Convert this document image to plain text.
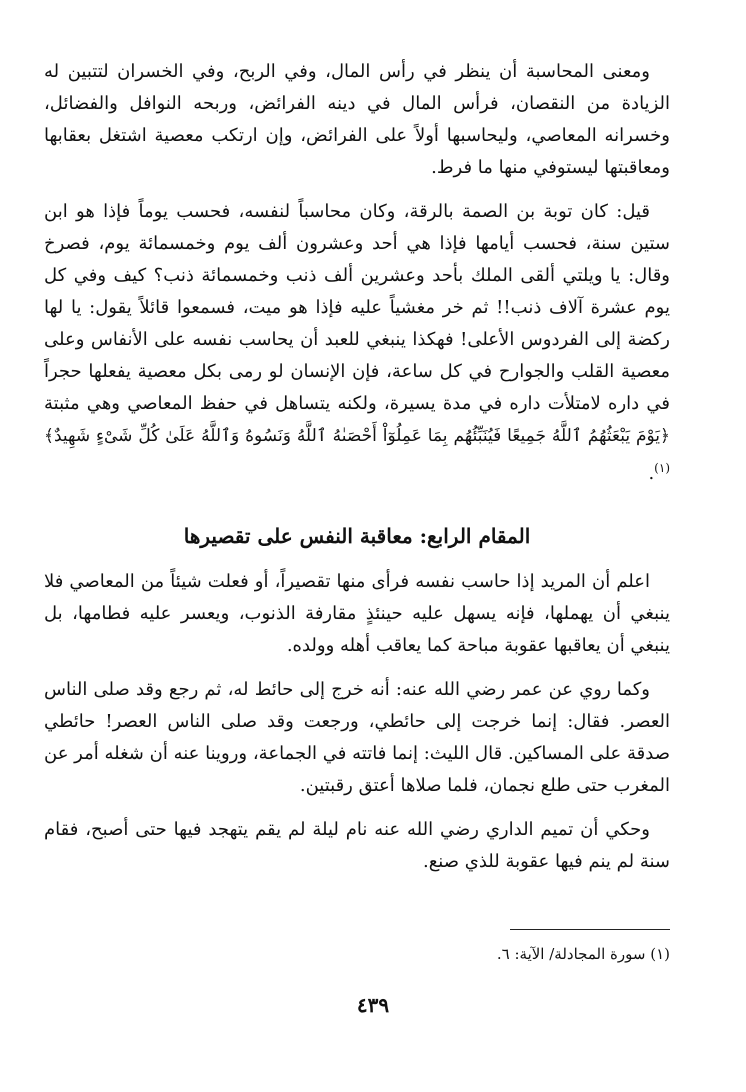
ومعنى المحاسبة أن ينظر في رأس المال، وفي الربح، وفي الخسران لتتبين له الزيادة من النقصان، فرأس المال في دينه الفرائض، وربحه النوافل والفضائل، وخسرانه المعاصي، وليحاسبها أولاً على الفرائض، وإن ارتكب معصية اشتغل بعقابها ومعاقبتها ليستوفي منها ما فرط.

قيل: كان توبة بن الصمة بالرقة، وكان محاسباً لنفسه، فحسب يوماً فإذا هو ابن ستين سنة، فحسب أيامها فإذا هي أحد وعشرون ألف يوم وخمسمائة يوم، فصرخ وقال: يا ويلتي ألقى الملك بأحد وعشرين ألف ذنب وخمسمائة ذنب؟ كيف وفي كل يوم عشرة آلاف ذنب!! ثم خر مغشياً عليه فإذا هو ميت، فسمعوا قائلاً يقول: يا لها ركضة إلى الفردوس الأعلى! فهكذا ينبغي للعبد أن يحاسب نفسه على الأنفاس وعلى معصية القلب والجوارح في كل ساعة، فإن الإنسان لو رمى بكل معصية يفعلها حجراً في داره لامتلأت داره في مدة يسيرة، ولكنه يتساهل في حفظ المعاصي وهي مثبتة ﴿يَوْمَ يَبْعَثُهُمُ ٱللَّهُ جَمِيعًا فَيُنَبِّئُهُم بِمَا عَمِلُوٓاْ أَحْصَىٰهُ ٱللَّهُ وَنَسُوهُ وَٱللَّهُ عَلَىٰ كُلِّ شَىْءٍ شَهِيدٌ﴾$^{(١)}$.

المقام الرابع: معاقبة النفس على تقصيرها

اعلم أن المريد إذا حاسب نفسه فرأى منها تقصيراً، أو فعلت شيئاً من المعاصي فلا ينبغي أن يهملها، فإنه يسهل عليه حينئذٍ مقارفة الذنوب، ويعسر عليه فطامها، بل ينبغي أن يعاقبها عقوبة مباحة كما يعاقب أهله وولده.

وكما روي عن عمر رضي الله عنه: أنه خرج إلى حائط له، ثم رجع وقد صلى الناس العصر. فقال: إنما خرجت إلى حائطي، ورجعت وقد صلى الناس العصر! حائطي صدقة على المساكين. قال الليث: إنما فاتته في الجماعة، وروينا عنه أن شغله أمر عن المغرب حتى طلع نجمان، فلما صلاها أعتق رقبتين.

وحكي أن تميم الداري رضي الله عنه نام ليلة لم يقم يتهجد فيها حتى أصبح، فقام سنة لم ينم فيها عقوبة للذي صنع.

(١) سورة المجادلة/ الآية: ٦.
٤٣٩
